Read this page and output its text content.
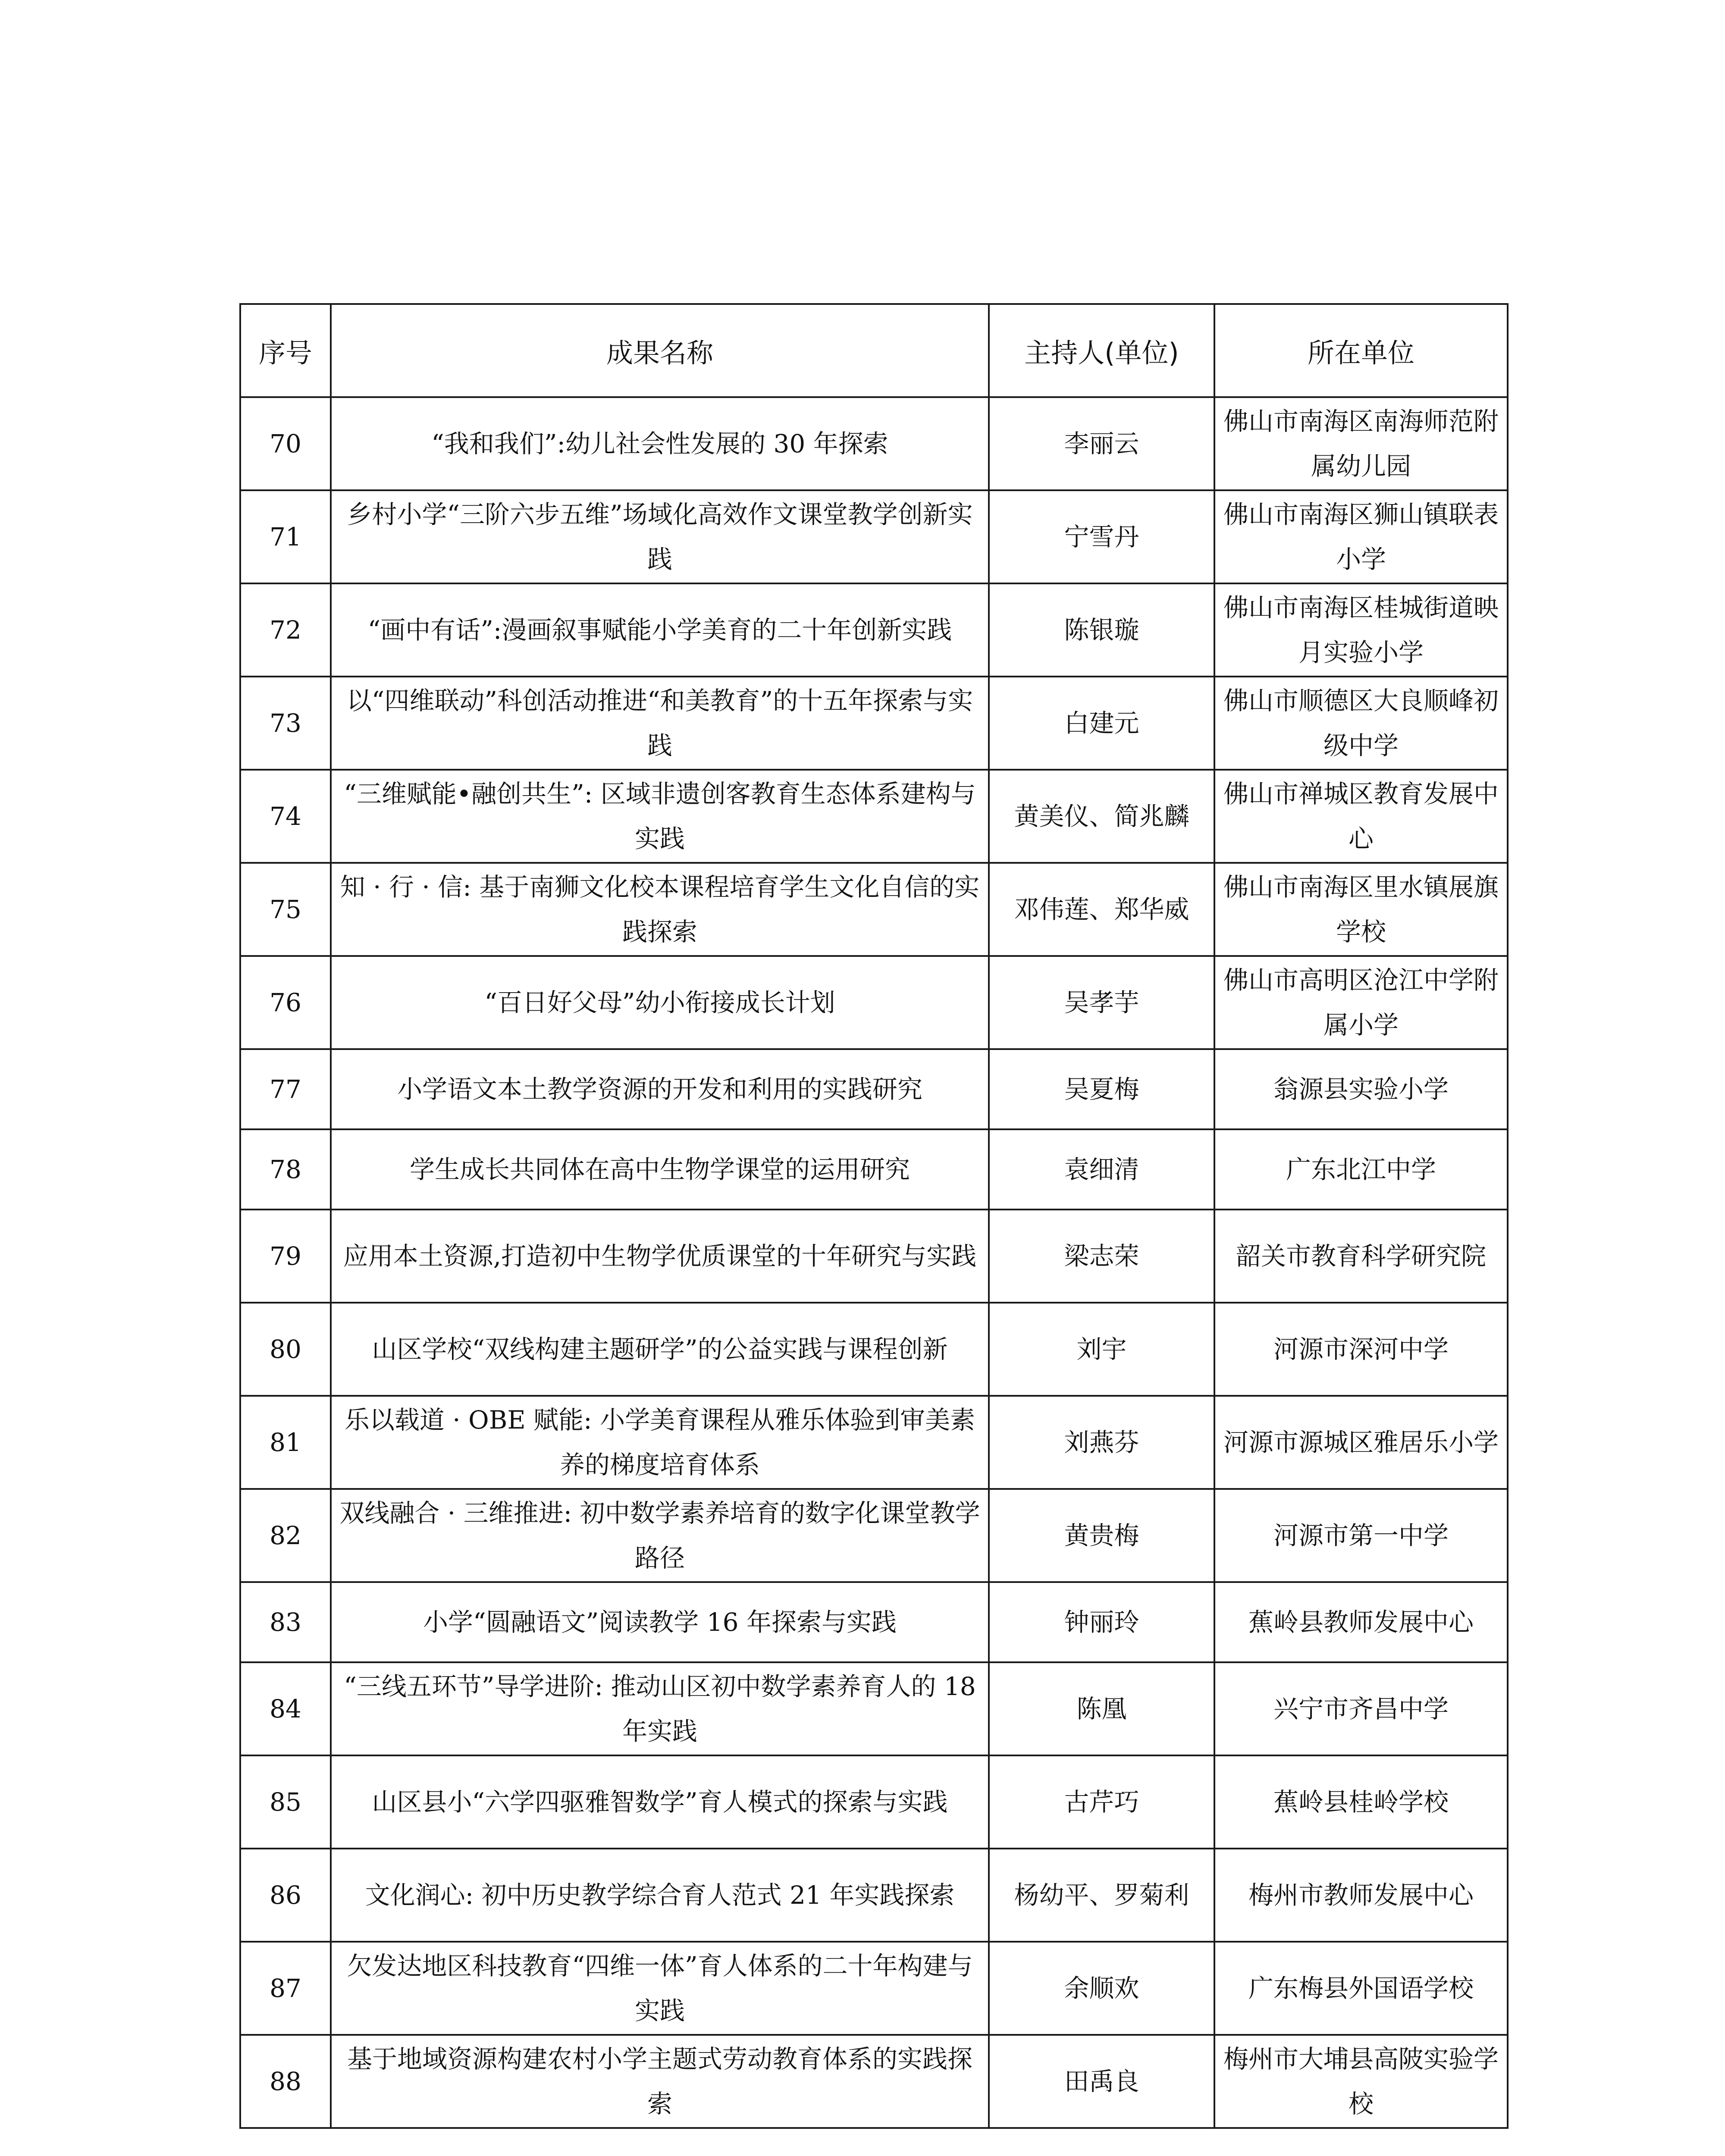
序号	成果名称	主持人(单位)	所在单位
70	“我和我们”:幼儿社会性发展的 30 年探索	李丽云	佛山市南海区南海师范附属幼儿园
71	乡村小学“三阶六步五维”场域化高效作文课堂教学创新实践	宁雪丹	佛山市南海区狮山镇联表小学
72	“画中有话”:漫画叙事赋能小学美育的二十年创新实践	陈银璇	佛山市南海区桂城街道映月实验小学
73	以“四维联动”科创活动推进“和美教育”的十五年探索与实践	白建元	佛山市顺德区大良顺峰初级中学
74	“三维赋能•融创共生”: 区域非遗创客教育生态体系建构与实践	黄美仪、简兆麟	佛山市禅城区教育发展中心
75	知 · 行 · 信: 基于南狮文化校本课程培育学生文化自信的实践探索	邓伟莲、郑华威	佛山市南海区里水镇展旗学校
76	“百日好父母”幼小衔接成长计划	吴孝芋	佛山市高明区沧江中学附属小学
77	小学语文本土教学资源的开发和利用的实践研究	吴夏梅	翁源县实验小学
78	学生成长共同体在高中生物学课堂的运用研究	袁细清	广东北江中学
79	应用本土资源,打造初中生物学优质课堂的十年研究与实践	梁志荣	韶关市教育科学研究院
80	山区学校“双线构建主题研学”的公益实践与课程创新	刘宇	河源市深河中学
81	乐以载道 · OBE 赋能: 小学美育课程从雅乐体验到审美素养的梯度培育体系	刘燕芬	河源市源城区雅居乐小学
82	双线融合 · 三维推进: 初中数学素养培育的数字化课堂教学路径	黄贵梅	河源市第一中学
83	小学“圆融语文”阅读教学 16 年探索与实践	钟丽玲	蕉岭县教师发展中心
84	“三线五环节”导学进阶: 推动山区初中数学素养育人的 18 年实践	陈凰	兴宁市齐昌中学
85	山区县小“六学四驱雅智数学”育人模式的探索与实践	古芹巧	蕉岭县桂岭学校
86	文化润心: 初中历史教学综合育人范式 21 年实践探索	杨幼平、罗菊利	梅州市教师发展中心
87	欠发达地区科技教育“四维一体”育人体系的二十年构建与实践	余顺欢	广东梅县外国语学校
88	基于地域资源构建农村小学主题式劳动教育体系的实践探索	田禹良	梅州市大埔县高陂实验学校
